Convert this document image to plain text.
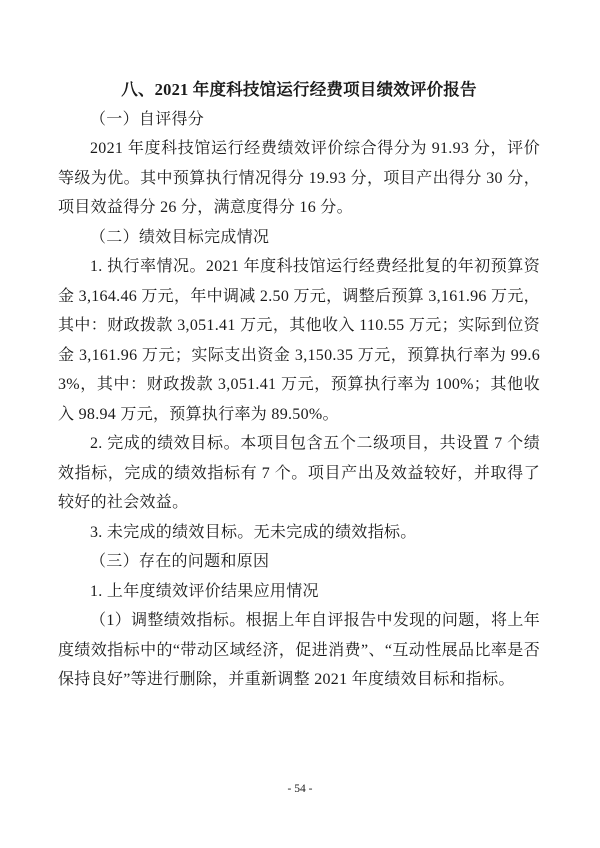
八、2021 年度科技馆运行经费项目绩效评价报告

（一）自评得分

2021 年度科技馆运行经费绩效评价综合得分为 91.93 分，评价等级为优。其中预算执行情况得分 19.93 分，项目产出得分 30 分，项目效益得分 26 分，满意度得分 16 分。

（二）绩效目标完成情况

1. 执行率情况。2021 年度科技馆运行经费经批复的年初预算资金 3,164.46 万元，年中调减 2.50 万元，调整后预算 3,161.96 万元，其中：财政拨款 3,051.41 万元，其他收入 110.55 万元；实际到位资金 3,161.96 万元；实际支出资金 3,150.35 万元，预算执行率为 99.63%，其中：财政拨款 3,051.41 万元，预算执行率为 100%；其他收入 98.94 万元，预算执行率为 89.50%。

2. 完成的绩效目标。本项目包含五个二级项目，共设置 7 个绩效指标，完成的绩效指标有 7 个。项目产出及效益较好，并取得了较好的社会效益。

3. 未完成的绩效目标。无未完成的绩效指标。

（三）存在的问题和原因

1. 上年度绩效评价结果应用情况

（1）调整绩效指标。根据上年自评报告中发现的问题，将上年度绩效指标中的“带动区域经济，促进消费”、“互动性展品比率是否保持良好”等进行删除，并重新调整 2021 年度绩效目标和指标。

- 54 -
